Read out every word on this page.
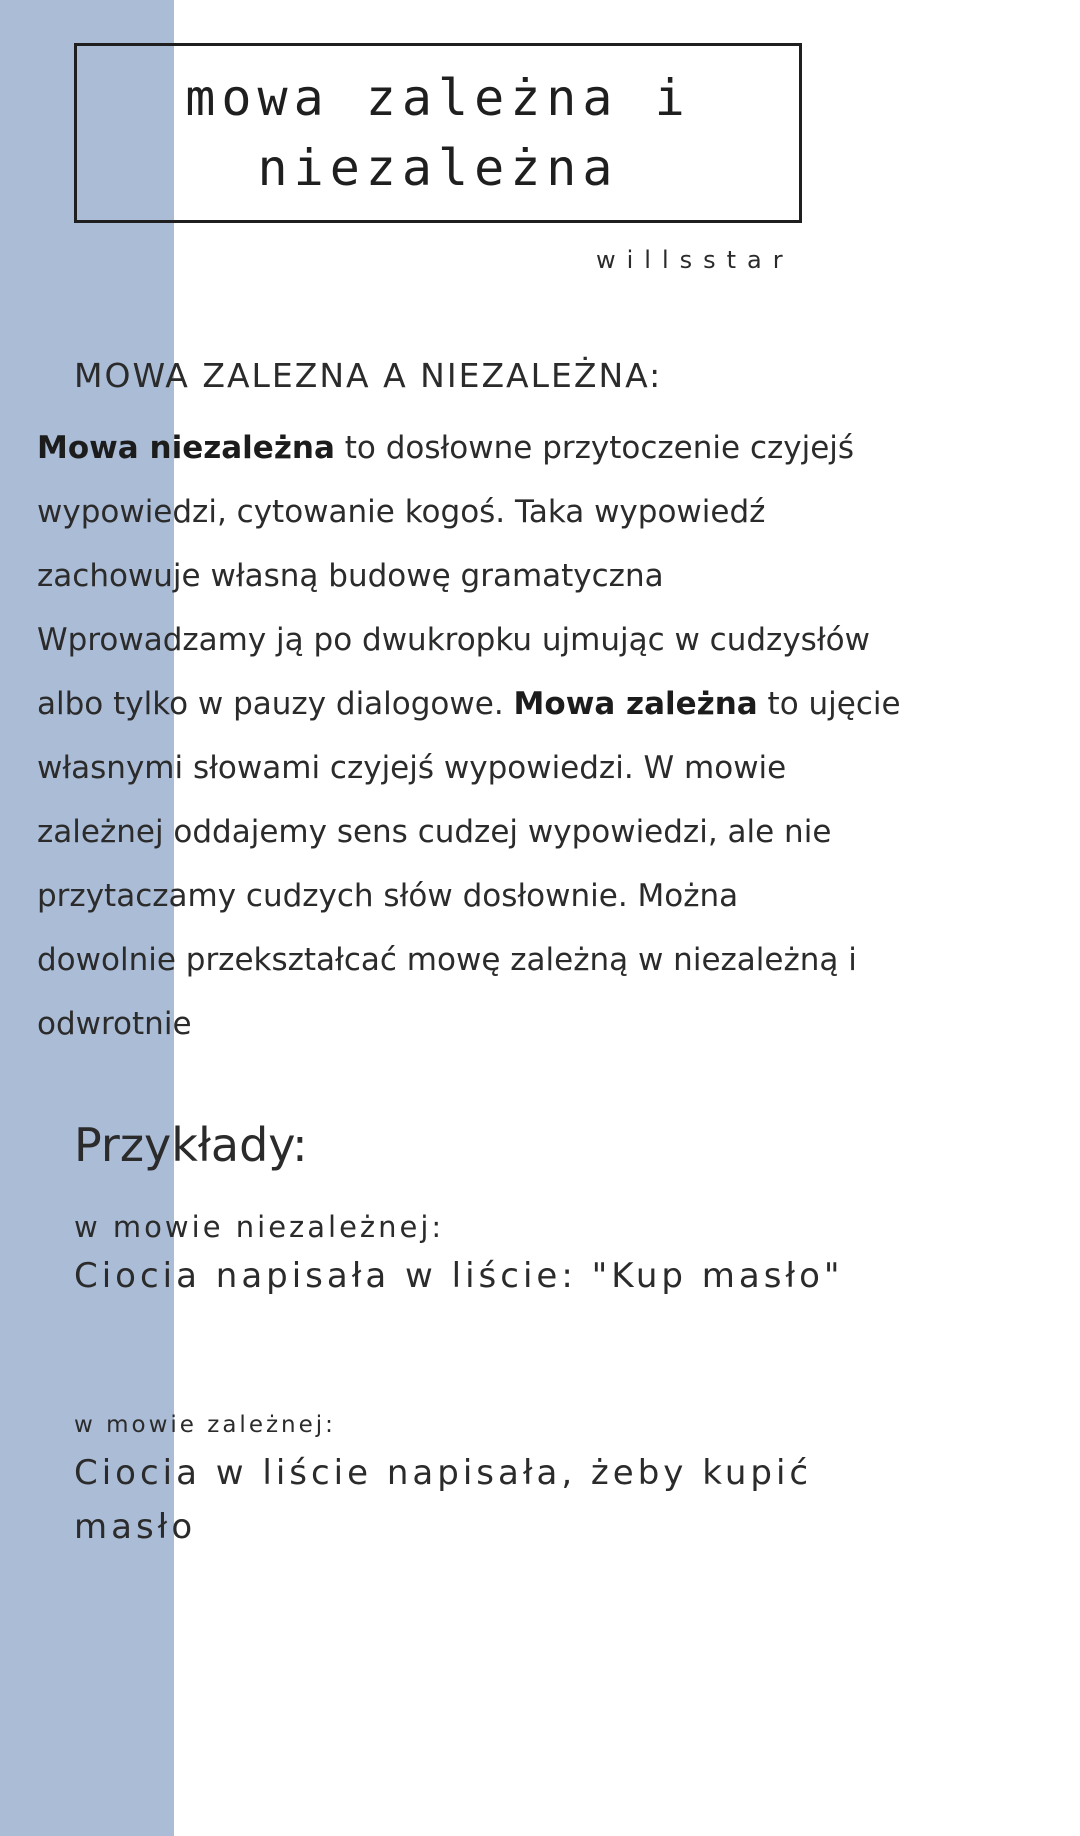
mowa zależna i
niezależna
willsstar
MOWA ZALEZNA A NIEZALEŻNA:

Mowa niezależna to dosłowne przytoczenie czyjejś
wypowiedzi, cytowanie kogoś. Taka wypowiedź
zachowuje własną budowę gramatyczna
Wprowadzamy ją po dwukropku ujmując w cudzysłów
albo tylko w pauzy dialogowe. Mowa zależna to ujęcie
własnymi słowami czyjejś wypowiedzi. W mowie
zależnej oddajemy sens cudzej wypowiedzi, ale nie
przytaczamy cudzych słów dosłownie. Można
dowolnie przekształcać mowę zależną w niezależną i
odwrotnie

Przykłady:
w mowie niezależnej:
Ciocia napisała w liście: "Kup masło"
w mowie zależnej:
Ciocia w liście napisała, żeby kupić
masło
